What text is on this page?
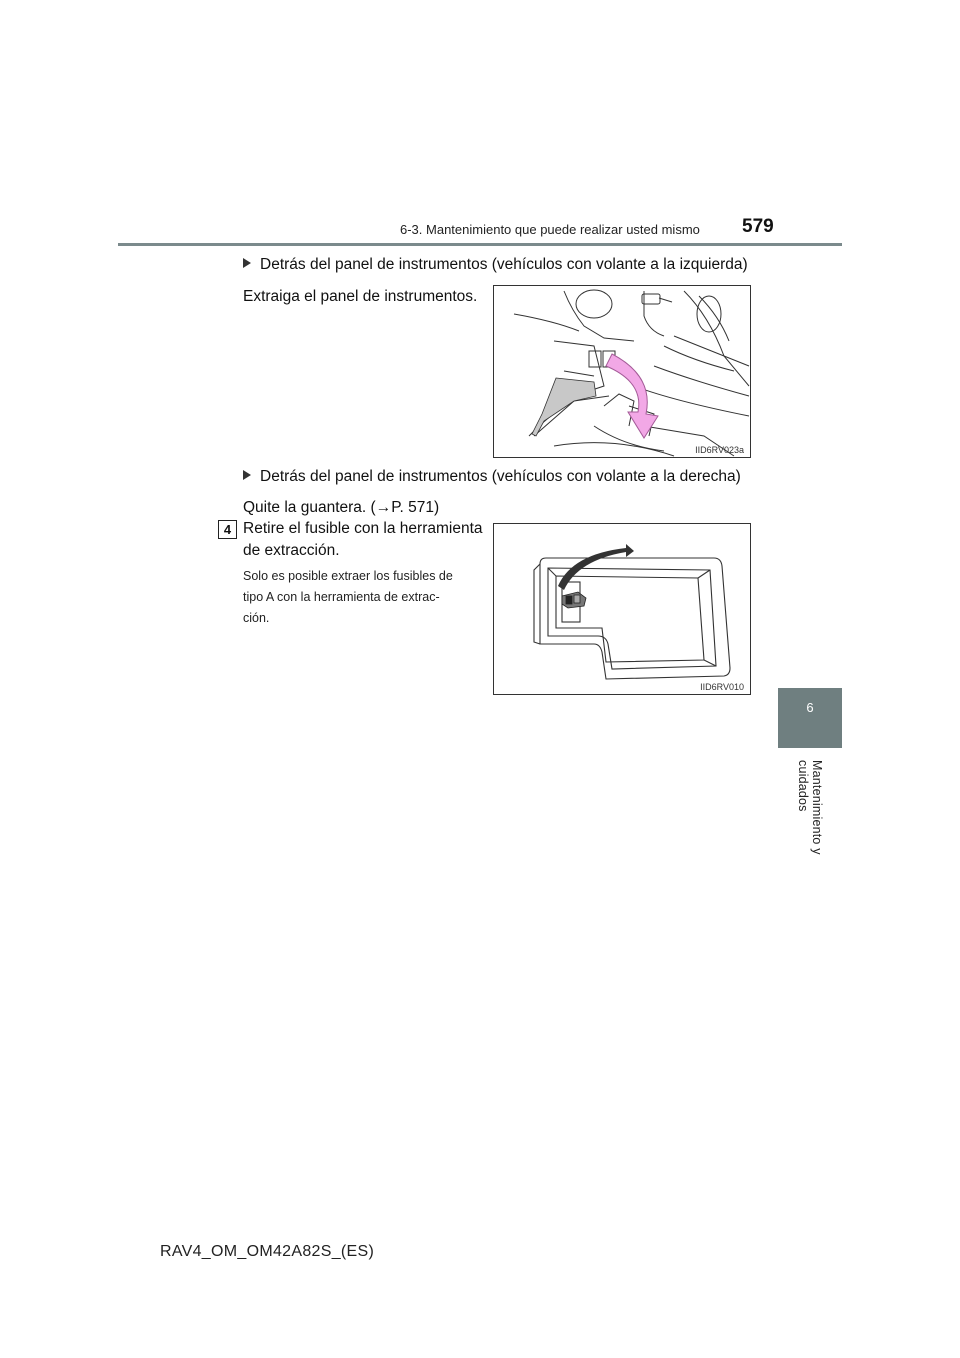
6-3. Mantenimiento que puede realizar usted mismo 579
6
Mantenimiento y cuidados
Detrás del panel de instrumentos (vehículos con volante a la izquierda)
Extraiga el panel de instrumentos.
IID6RV023a
Detrás del panel de instrumentos (vehículos con volante a la derecha)
Quite la guantera. (→P. 571)
4 Retire el fusible con la herramienta
de extracción.
Solo es posible extraer los fusibles de
tipo A con la herramienta de extrac-
ción.
IID6RV010
RAV4_OM_OM42A82S_(ES)
